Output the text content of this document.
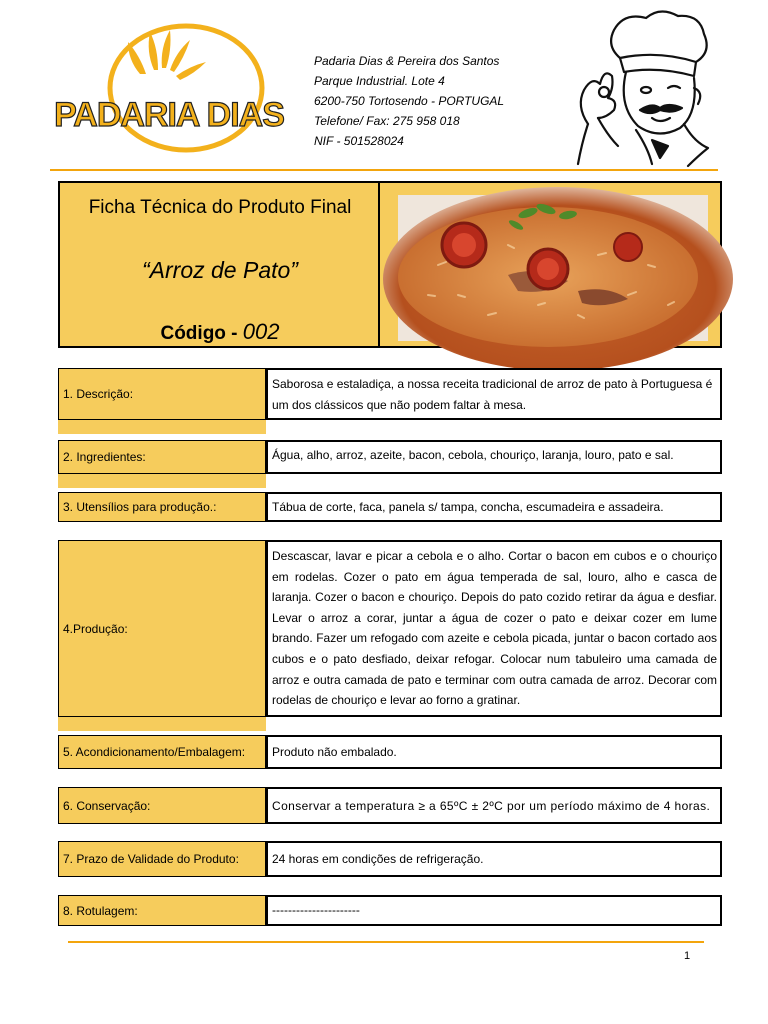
PADARIA DIAS
Padaria Dias & Pereira dos Santos
Parque Industrial. Lote 4
6200-750 Tortosendo - PORTUGAL
Telefone/ Fax: 275 958 018
NIF - 501528024
Ficha Técnica do Produto Final
“Arroz de Pato”
Código - 002
1. Descrição:
Saborosa e estaladiça, a nossa receita tradicional de arroz de pato à Portuguesa é um dos clássicos que não podem faltar à mesa.
2. Ingredientes:	Água, alho, arroz, azeite, bacon, cebola, chouriço, laranja, louro, pato e sal.
3. Utensílios para produção.:	Tábua de corte, faca, panela s/ tampa, concha, escumadeira e assadeira.
4.Produção:
Descascar, lavar e picar a cebola e o alho. Cortar o bacon em cubos e o chouriço em rodelas. Cozer o pato em água temperada de sal, louro, alho e casca de laranja. Cozer o bacon e chouriço. Depois do pato cozido retirar da água e desfiar. Levar o arroz a corar, juntar a água de cozer o pato e deixar cozer em lume brando. Fazer um refogado com azeite e cebola picada, juntar o bacon cortado aos cubos e o pato desfiado, deixar refogar. Colocar num tabuleiro uma camada de arroz e outra camada de pato e terminar com outra camada de arroz. Decorar com rodelas de chouriço e levar ao forno a gratinar.
5. Acondicionamento/Embalagem:	Produto não embalado.
6. Conservação:	Conservar a temperatura ≥ a 65ºC ± 2ºC por um período máximo de 4 horas.
7. Prazo de Validade do Produto:	24 horas em condições de refrigeração.
8. Rotulagem:	----------------------
1
